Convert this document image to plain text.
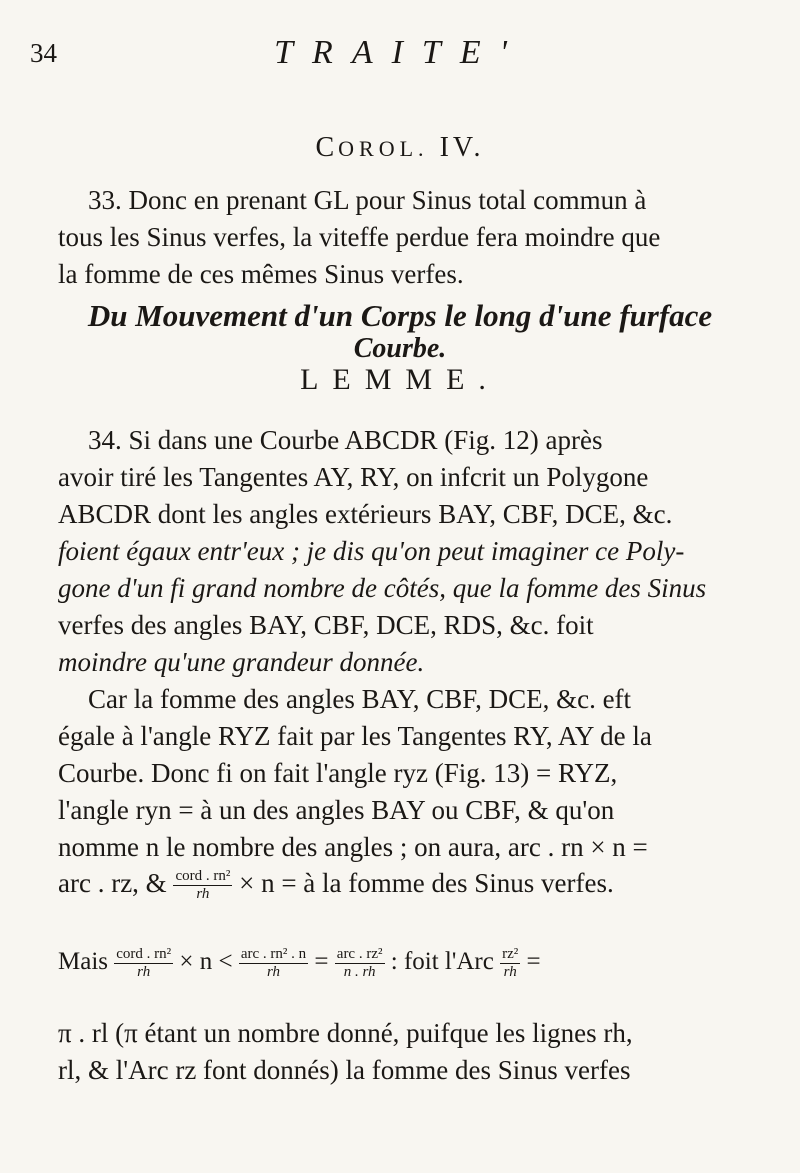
34	TRAITE'
COROL. IV.
33. Donc en prenant GL pour Sinus total commun à
tous les Sinus verfes, la viteffe perdue fera moindre que
la fomme de ces mêmes Sinus verfes.
Du Mouvement d'un Corps le long d'une furface
Courbe.
LEMME.
34. Si dans une Courbe ABCDR (Fig. 12) après
avoir tiré les Tangentes AY, RY, on infcrit un Polygone
ABCDR dont les angles extérieurs BAY, CBF, DCE, &c.
foient égaux entr'eux ; je dis qu'on peut imaginer ce Poly-
gone d'un fi grand nombre de côtés, que la fomme des Sinus
verfes des angles BAY, CBF, DCE, RDS, &c. foit
moindre qu'une grandeur donnée.
Car la fomme des angles BAY, CBF, DCE, &c. eft
égale à l'angle RYZ fait par les Tangentes RY, AY de la
Courbe. Donc fi on fait l'angle ryz (Fig. 13) = RYZ,
l'angle ryn = à un des angles BAY ou CBF, & qu'on
nomme n le nombre des angles ; on aura, arc . rn × n =
arc . rz, & $\frac{\text{cord . rn²}}{rh} \times n$ = à la fomme des Sinus verfes.
Mais $\frac{\text{cord . rn²}}{rh} \times n < \frac{\text{arc . rn² . n}}{rh} = \frac{\text{arc . rz²}}{n . rh}$ : foit $l'Arc \frac{\text{rz²}}{rh}$ =
π . rl (π étant un nombre donné, puifque les lignes rh,
rl, & l'Arc rz font donnés) la fomme des Sinus verfes
